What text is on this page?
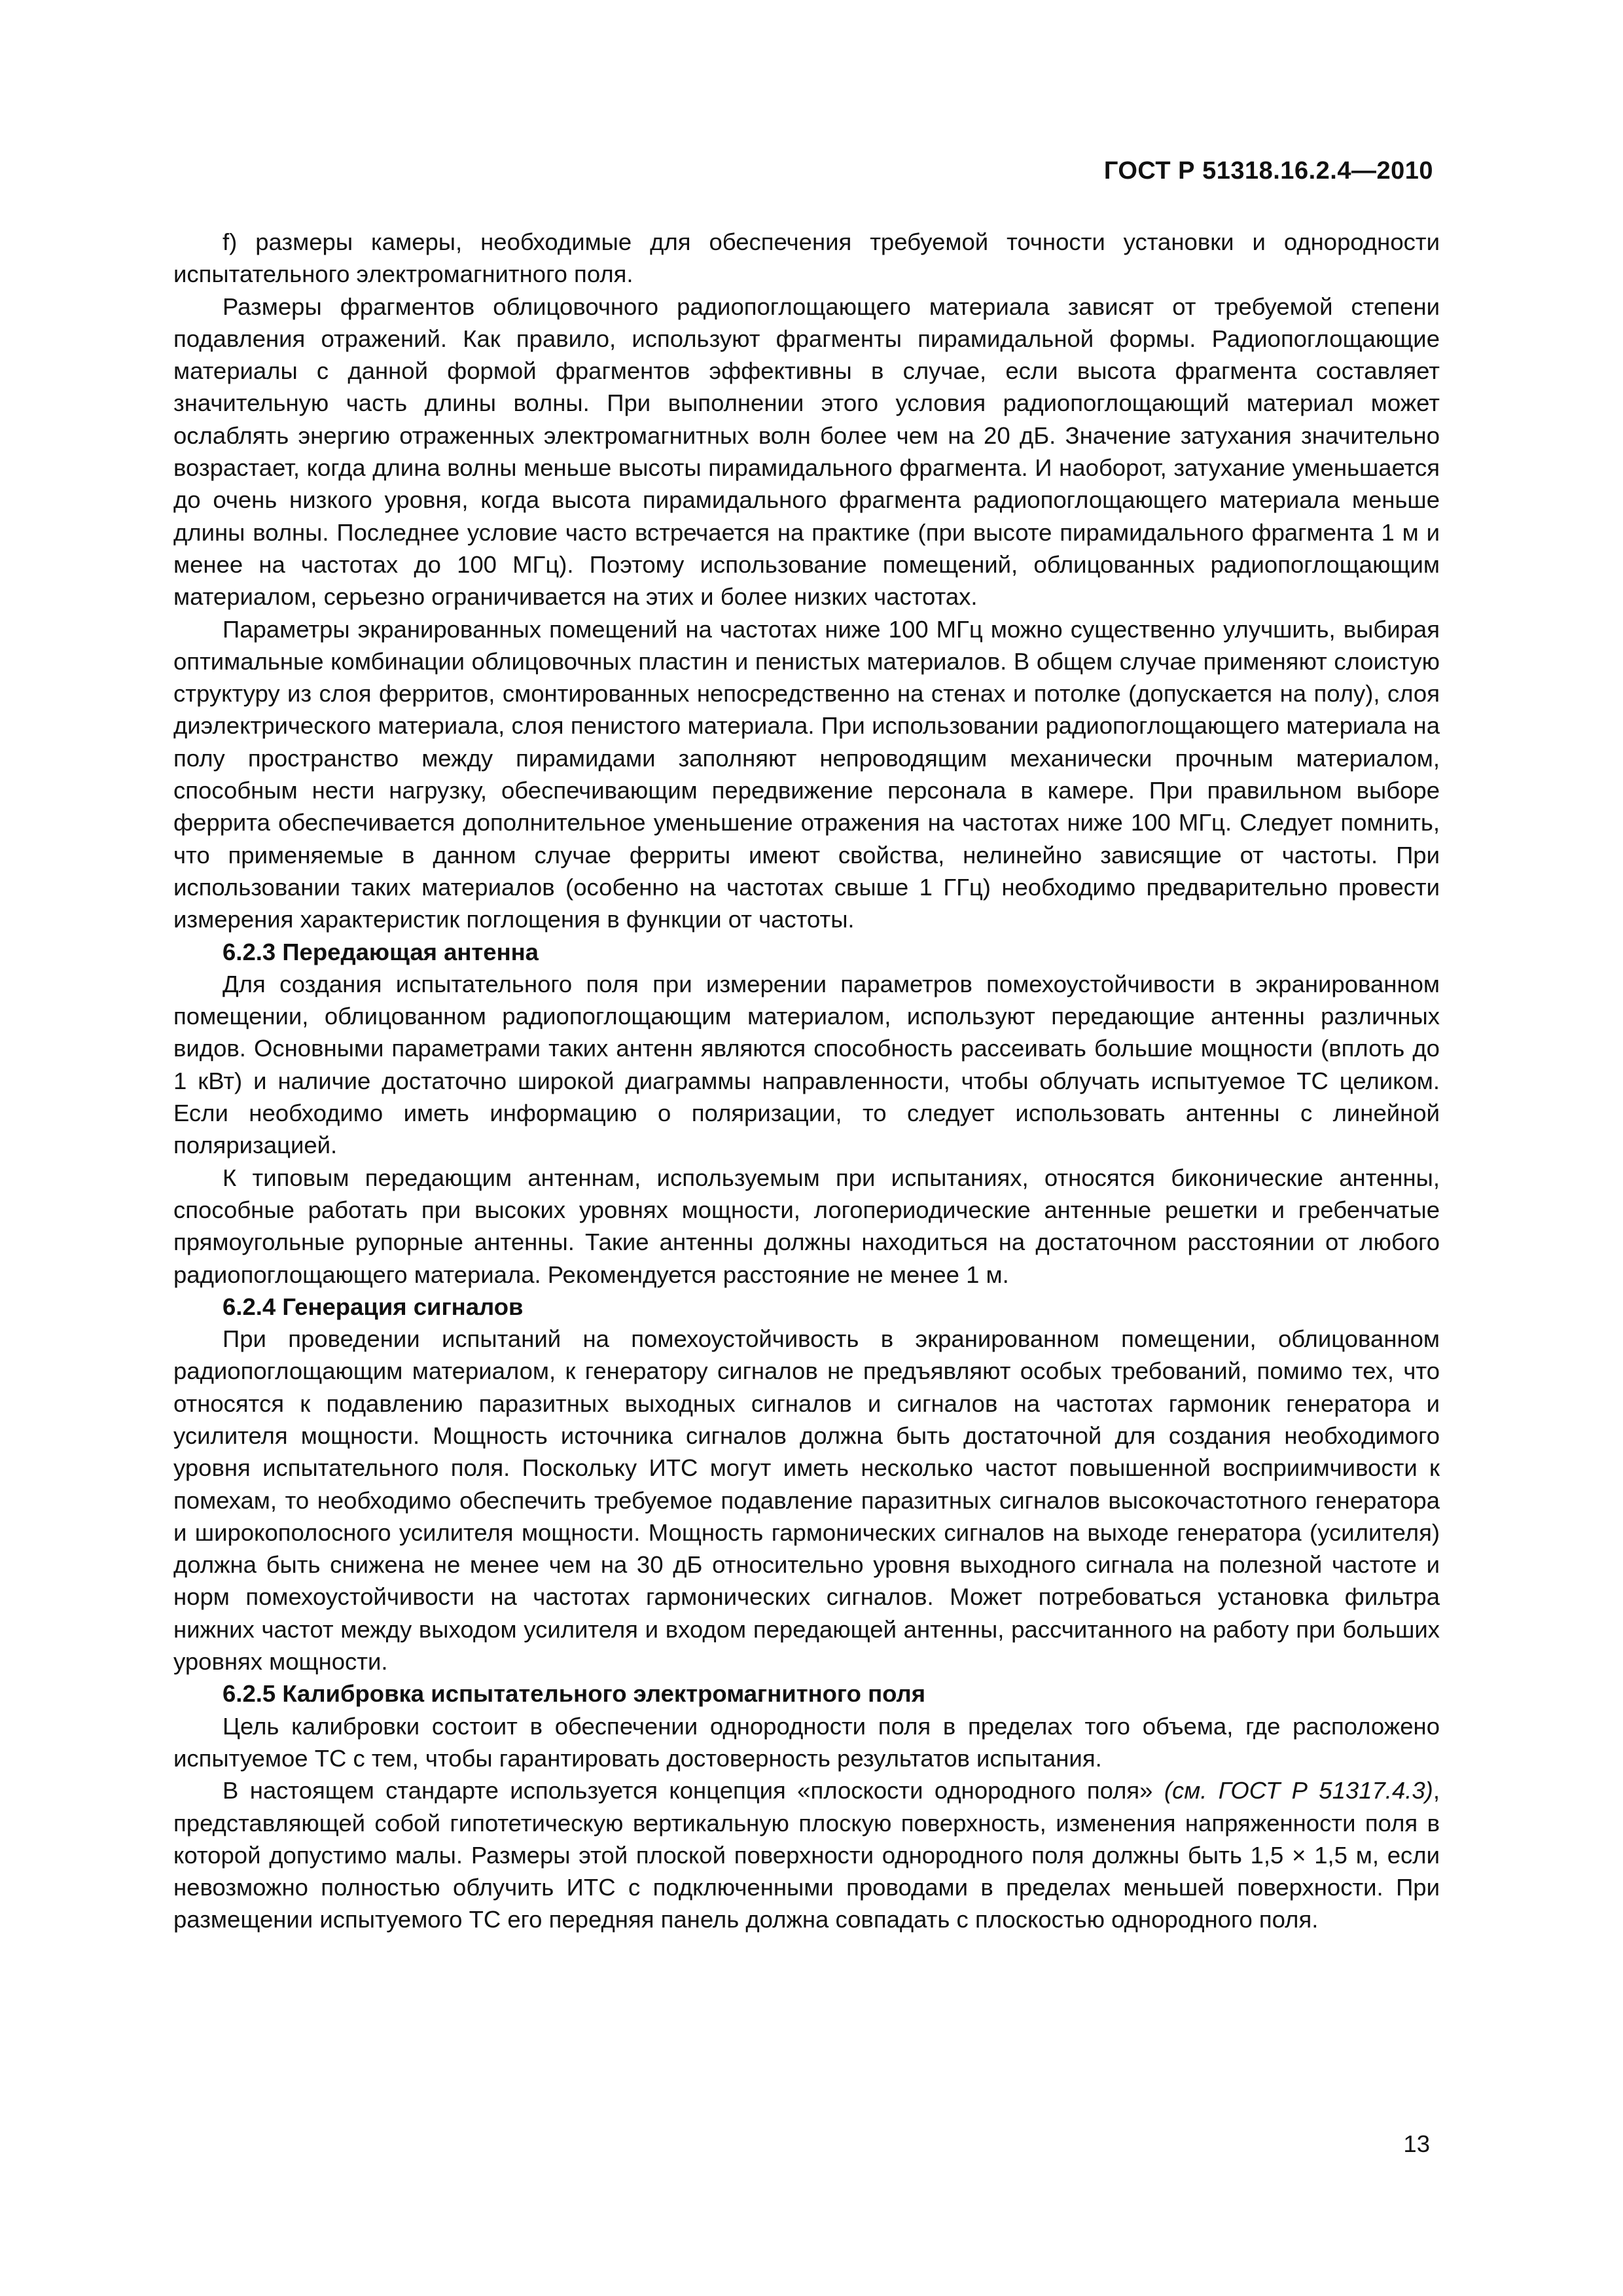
ГОСТ Р 51318.16.2.4—2010

f) размеры камеры, необходимые для обеспечения требуемой точности установки и однородности испытательного электромагнитного поля.

Размеры фрагментов облицовочного радиопоглощающего материала зависят от требуемой степени подавления отражений. Как правило, используют фрагменты пирамидальной формы. Радиопоглощающие материалы с данной формой фрагментов эффективны в случае, если высота фрагмента составляет значительную часть длины волны. При выполнении этого условия радиопоглощающий материал может ослаблять энергию отраженных электромагнитных волн более чем на 20 дБ. Значение затухания значительно возрастает, когда длина волны меньше высоты пирамидального фрагмента. И наоборот, затухание уменьшается до очень низкого уровня, когда высота пирамидального фрагмента радиопоглощающего материала меньше длины волны. Последнее условие часто встречается на практике (при высоте пирамидального фрагмента 1 м и менее на частотах до 100 МГц). Поэтому использование помещений, облицованных радиопоглощающим материалом, серьезно ограничивается на этих и более низких частотах.

Параметры экранированных помещений на частотах ниже 100 МГц можно существенно улучшить, выбирая оптимальные комбинации облицовочных пластин и пенистых материалов. В общем случае применяют слоистую структуру из слоя ферритов, смонтированных непосредственно на стенах и потолке (допускается на полу), слоя диэлектрического материала, слоя пенистого материала. При использовании радиопоглощающего материала на полу пространство между пирамидами заполняют непроводящим механически прочным материалом, способным нести нагрузку, обеспечивающим передвижение персонала в камере. При правильном выборе феррита обеспечивается дополнительное уменьшение отражения на частотах ниже 100 МГц. Следует помнить, что применяемые в данном случае ферриты имеют свойства, нелинейно зависящие от частоты. При использовании таких материалов (особенно на частотах свыше 1 ГГц) необходимо предварительно провести измерения характеристик поглощения в функции от частоты.

6.2.3 Передающая антенна

Для создания испытательного поля при измерении параметров помехоустойчивости в экранированном помещении, облицованном радиопоглощающим материалом, используют передающие антенны различных видов. Основными параметрами таких антенн являются способность рассеивать большие мощности (вплоть до 1 кВт) и наличие достаточно широкой диаграммы направленности, чтобы облучать испытуемое ТС целиком. Если необходимо иметь информацию о поляризации, то следует использовать антенны с линейной поляризацией.

К типовым передающим антеннам, используемым при испытаниях, относятся биконические антенны, способные работать при высоких уровнях мощности, логопериодические антенные решетки и гребенчатые прямоугольные рупорные антенны. Такие антенны должны находиться на достаточном расстоянии от любого радиопоглощающего материала. Рекомендуется расстояние не менее 1 м.

6.2.4 Генерация сигналов

При проведении испытаний на помехоустойчивость в экранированном помещении, облицованном радиопоглощающим материалом, к генератору сигналов не предъявляют особых требований, помимо тех, что относятся к подавлению паразитных выходных сигналов и сигналов на частотах гармоник генератора и усилителя мощности. Мощность источника сигналов должна быть достаточной для создания необходимого уровня испытательного поля. Поскольку ИТС могут иметь несколько частот повышенной восприимчивости к помехам, то необходимо обеспечить требуемое подавление паразитных сигналов высокочастотного генератора и широкополосного усилителя мощности. Мощность гармонических сигналов на выходе генератора (усилителя) должна быть снижена не менее чем на 30 дБ относительно уровня выходного сигнала на полезной частоте и норм помехоустойчивости на частотах гармонических сигналов. Может потребоваться установка фильтра нижних частот между выходом усилителя и входом передающей антенны, рассчитанного на работу при больших уровнях мощности.

6.2.5 Калибровка испытательного электромагнитного поля

Цель калибровки состоит в обеспечении однородности поля в пределах того объема, где расположено испытуемое ТС с тем, чтобы гарантировать достоверность результатов испытания.

В настоящем стандарте используется концепция «плоскости однородного поля» (см. ГОСТ Р 51317.4.3), представляющей собой гипотетическую вертикальную плоскую поверхность, изменения напряженности поля в которой допустимо малы. Размеры этой плоской поверхности однородного поля должны быть 1,5 × 1,5 м, если невозможно полностью облучить ИТС с подключенными проводами в пределах меньшей поверхности. При размещении испытуемого ТС его передняя панель должна совпадать с плоскостью однородного поля.

13
